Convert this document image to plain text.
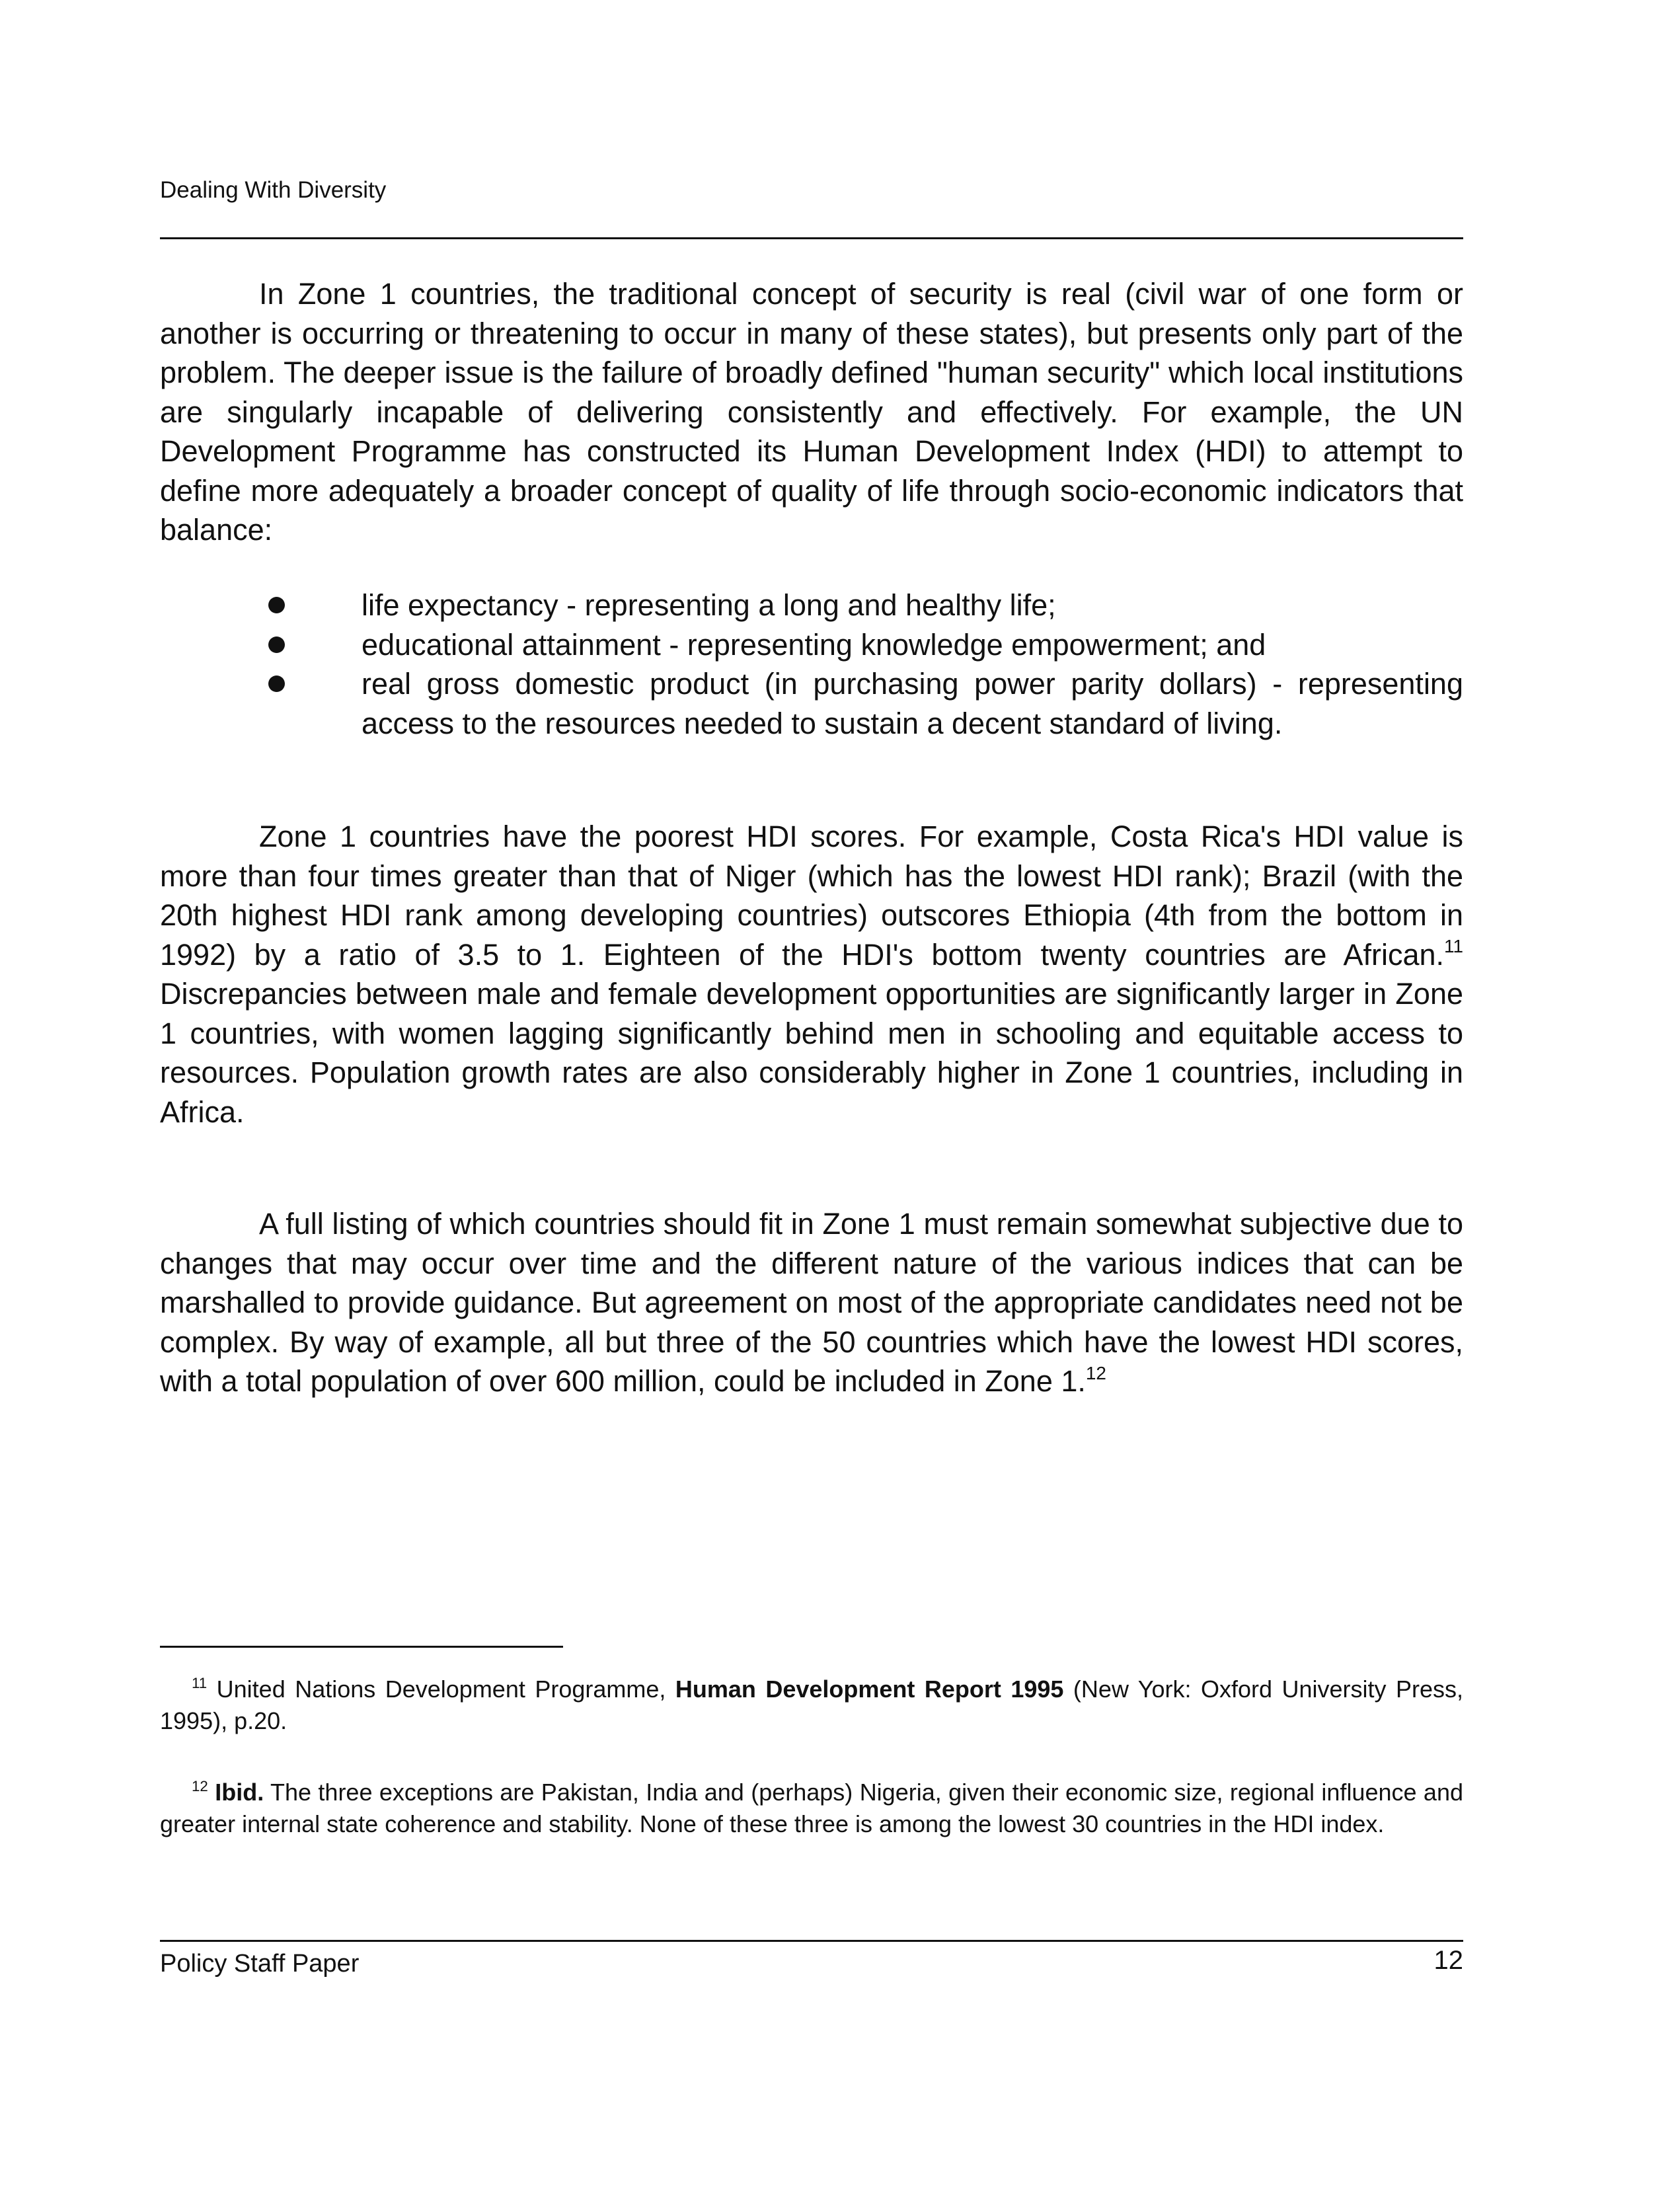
Dealing With Diversity

In Zone 1 countries, the traditional concept of security is real (civil war of one form or another is occurring or threatening to occur in many of these states), but presents only part of the problem. The deeper issue is the failure of broadly defined "human security" which local institutions are singularly incapable of delivering consistently and effectively. For example, the UN Development Programme has constructed its Human Development Index (HDI) to attempt to define more adequately a broader concept of quality of life through socio-economic indicators that balance:

life expectancy - representing a long and healthy life;
educational attainment - representing knowledge empowerment; and
real gross domestic product (in purchasing power parity dollars) - representing access to the resources needed to sustain a decent standard of living.

Zone 1 countries have the poorest HDI scores. For example, Costa Rica's HDI value is more than four times greater than that of Niger (which has the lowest HDI rank); Brazil (with the 20th highest HDI rank among developing countries) outscores Ethiopia (4th from the bottom in 1992) by a ratio of 3.5 to 1. Eighteen of the HDI's bottom twenty countries are African.$^{11}$ Discrepancies between male and female development opportunities are significantly larger in Zone 1 countries, with women lagging significantly behind men in schooling and equitable access to resources. Population growth rates are also considerably higher in Zone 1 countries, including in Africa.

A full listing of which countries should fit in Zone 1 must remain somewhat subjective due to changes that may occur over time and the different nature of the various indices that can be marshalled to provide guidance. But agreement on most of the appropriate candidates need not be complex. By way of example, all but three of the 50 countries which have the lowest HDI scores, with a total population of over 600 million, could be included in Zone 1.12

$^{11}$ United Nations Development Programme, Human Development Report 1995 (New York: Oxford University Press, 1995), p.20.

$^{12}$ Ibid. The three exceptions are Pakistan, India and (perhaps) Nigeria, given their economic size, regional influence and greater internal state coherence and stability. None of these three is among the lowest 30 countries in the HDI index.

Policy Staff Paper	12
